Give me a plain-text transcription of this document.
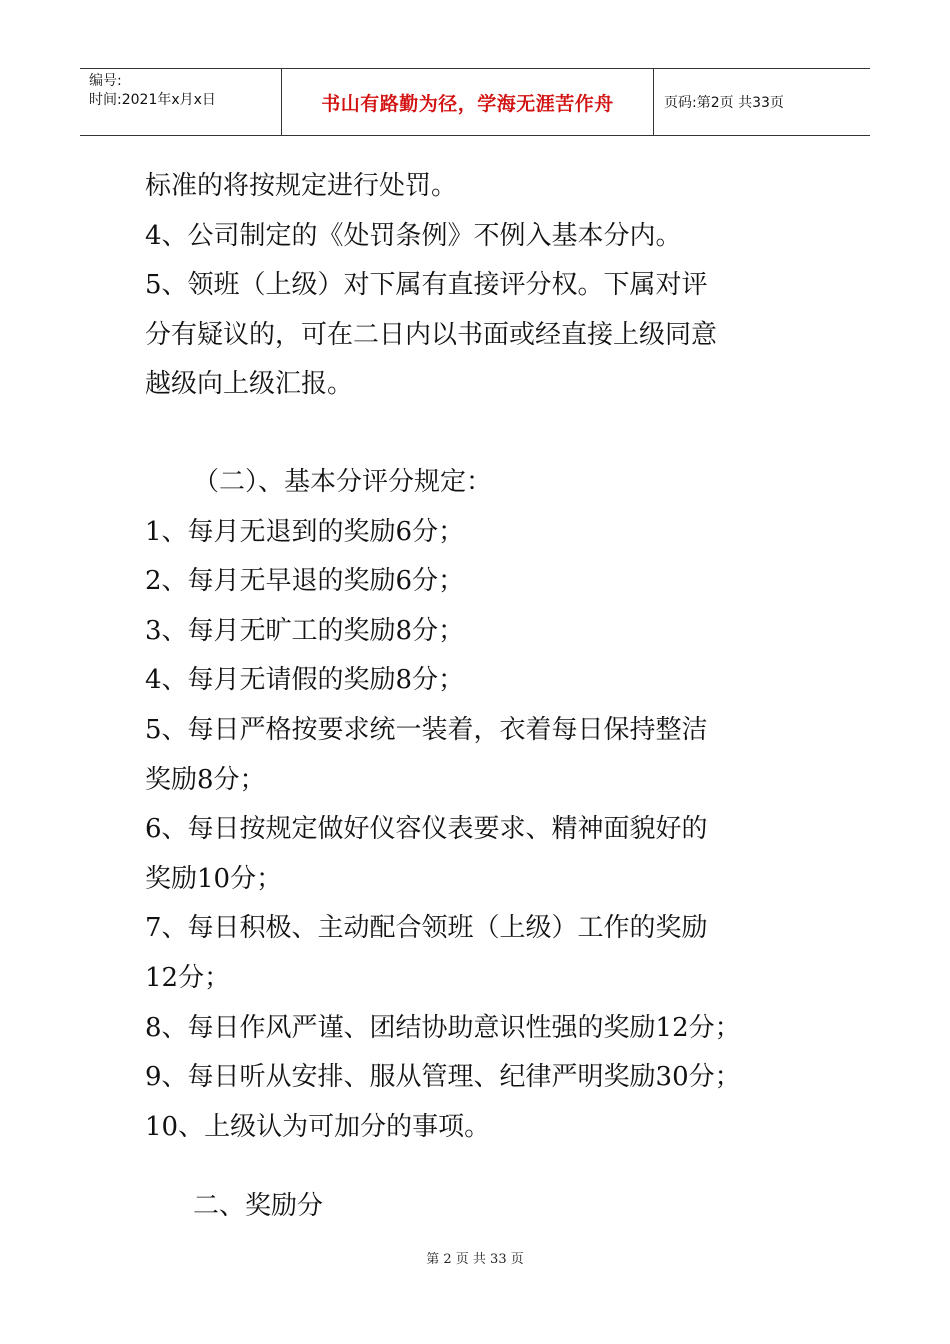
编号:
时间:2021年x月x日	书山有路勤为径，学海无涯苦作舟	页码:第2页 共33页
标准的将按规定进行处罚。
4、公司制定的《处罚条例》不例入基本分内。
5、领班（上级）对下属有直接评分权。下属对评
分有疑议的，可在二日内以书面或经直接上级同意
越级向上级汇报。
（二）、基本分评分规定：
1、每月无退到的奖励6分；
2、每月无早退的奖励6分；
3、每月无旷工的奖励8分；
4、每月无请假的奖励8分；
5、每日严格按要求统一装着，衣着每日保持整洁
奖励8分；
6、每日按规定做好仪容仪表要求、精神面貌好的
奖励10分；
7、每日积极、主动配合领班（上级）工作的奖励
12分；
8、每日作风严谨、团结协助意识性强的奖励12分；
9、每日听从安排、服从管理、纪律严明奖励30分；
10、上级认为可加分的事项。
二、奖励分
第 2 页 共 33 页
